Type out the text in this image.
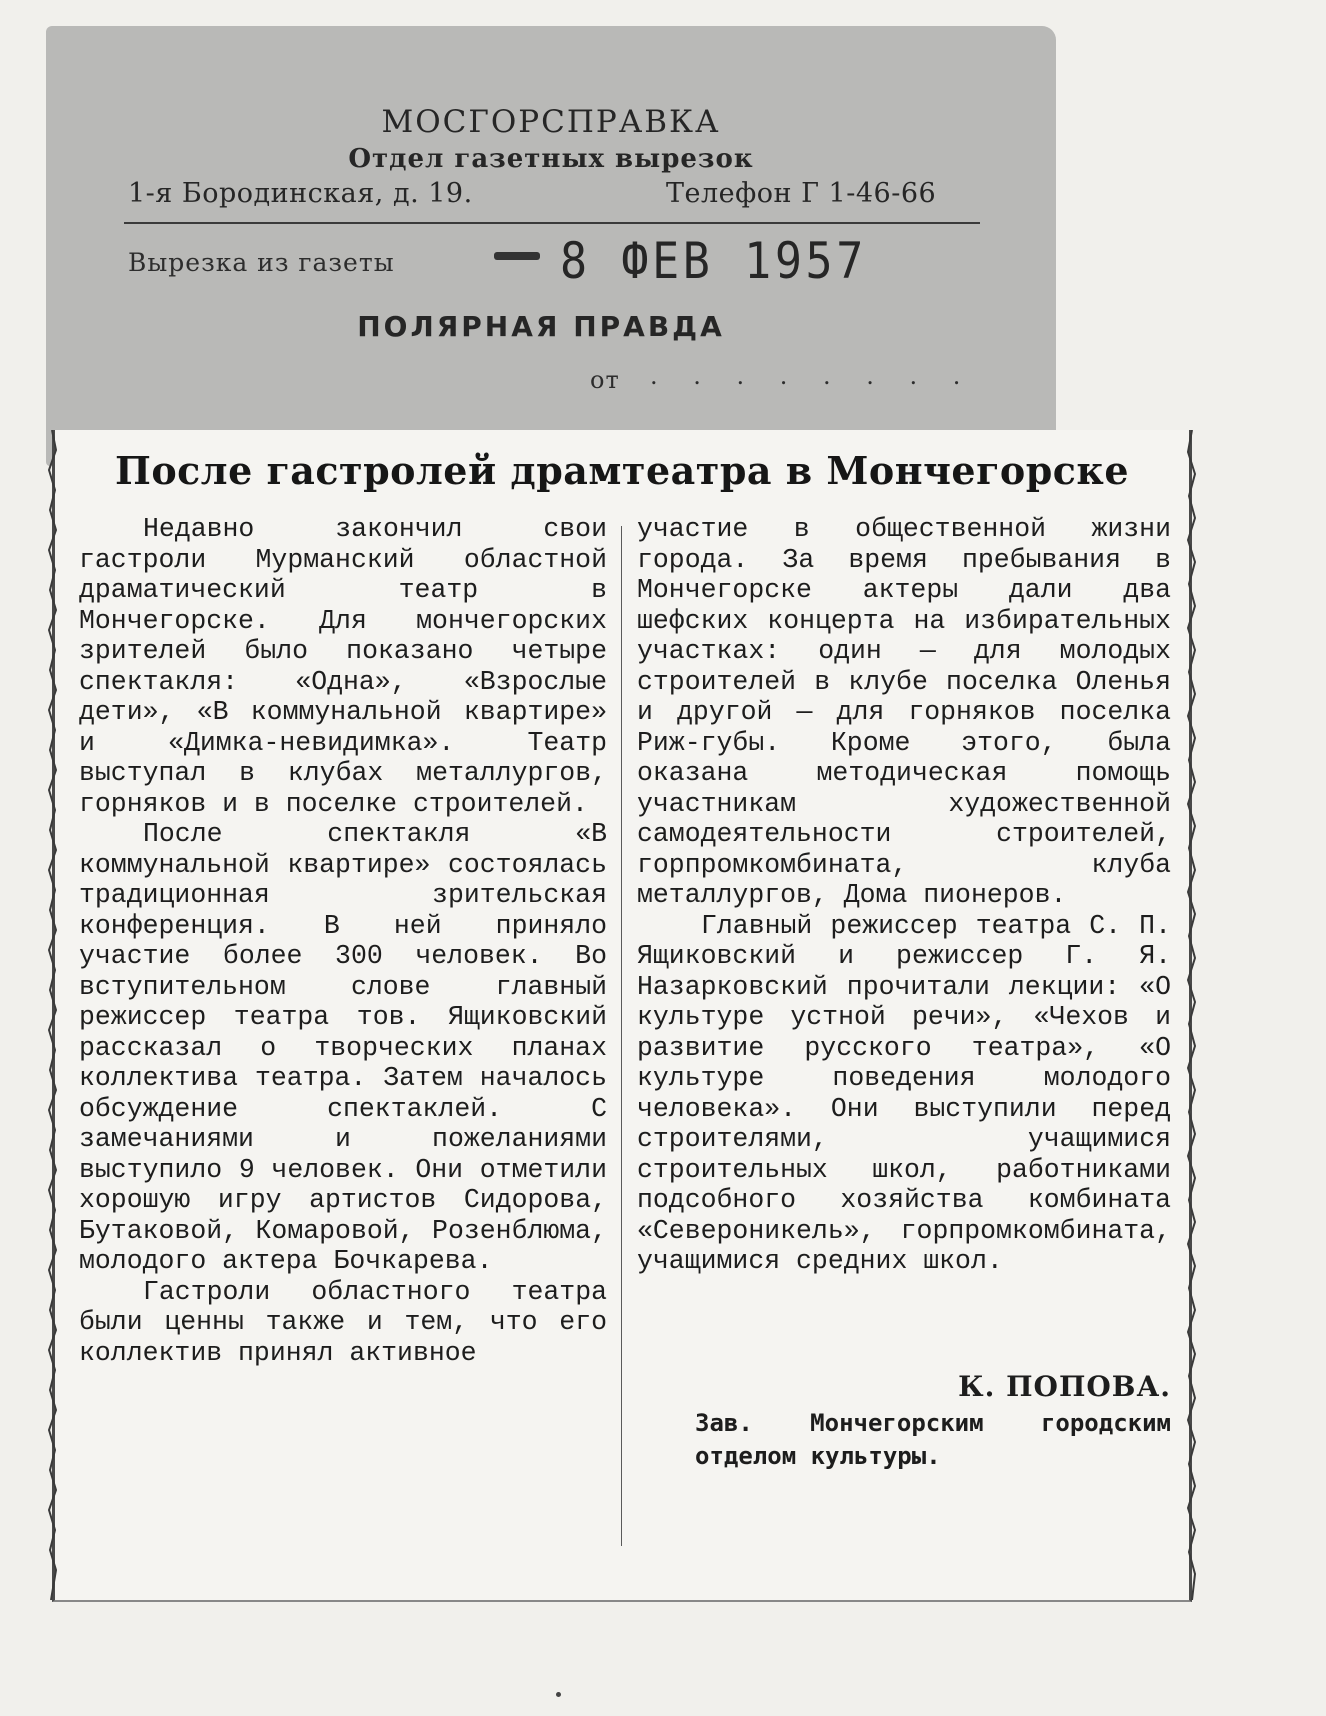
МОСГОРСПРАВКА
Отдел газетных вырезок
1-я Бородинская, д. 19.	Телефон Г 1-46-66
Вырезка из газеты	8 ФЕВ 1957
ПОЛЯРНАЯ ПРАВДА
от . . . . . . . .
После гастролей драмтеатра в Мончегорске

Недавно закончил свои гастроли Мурманский областной драматический театр в Мончегорске. Для мончегорских зрителей было показано четыре спектакля: «Одна», «Взрослые дети», «В коммунальной квартире» и «Димка-невидимка». Театр выступал в клубах металлургов, горняков и в поселке строителей.

После спектакля «В коммунальной квартире» состоялась традиционная зрительская конференция. В ней приняло участие более 300 человек. Во вступительном слове главный режиссер театра тов. Ящиковский рассказал о творческих планах коллектива театра. Затем началось обсуждение спектаклей. С замечаниями и пожеланиями выступило 9 человек. Они отметили хорошую игру артистов Сидорова, Бутаковой, Комаровой, Розенблюма, молодого актера Бочкарева.

Гастроли областного театра были ценны также и тем, что его коллектив принял активное

участие в общественной жизни города. За время пребывания в Мончегорске актеры дали два шефских концерта на избирательных участках: один — для молодых строителей в клубе поселка Оленья и другой — для горняков поселка Риж-губы. Кроме этого, была оказана методическая помощь участникам художественной самодеятельности строителей, горпромкомбината, клуба металлургов, Дома пионеров.

Главный режиссер театра С. П. Ящиковский и режиссер Г. Я. Назарковский прочитали лекции: «О культуре устной речи», «Чехов и развитие русского театра», «О культуре поведения молодого человека». Они выступили перед строителями, учащимися строительных школ, работниками подсобного хозяйства комбината «Североникель», горпромкомбината, учащимися средних школ.

К. ПОПОВА.
Зав. Мончегорским городским отделом культуры.
